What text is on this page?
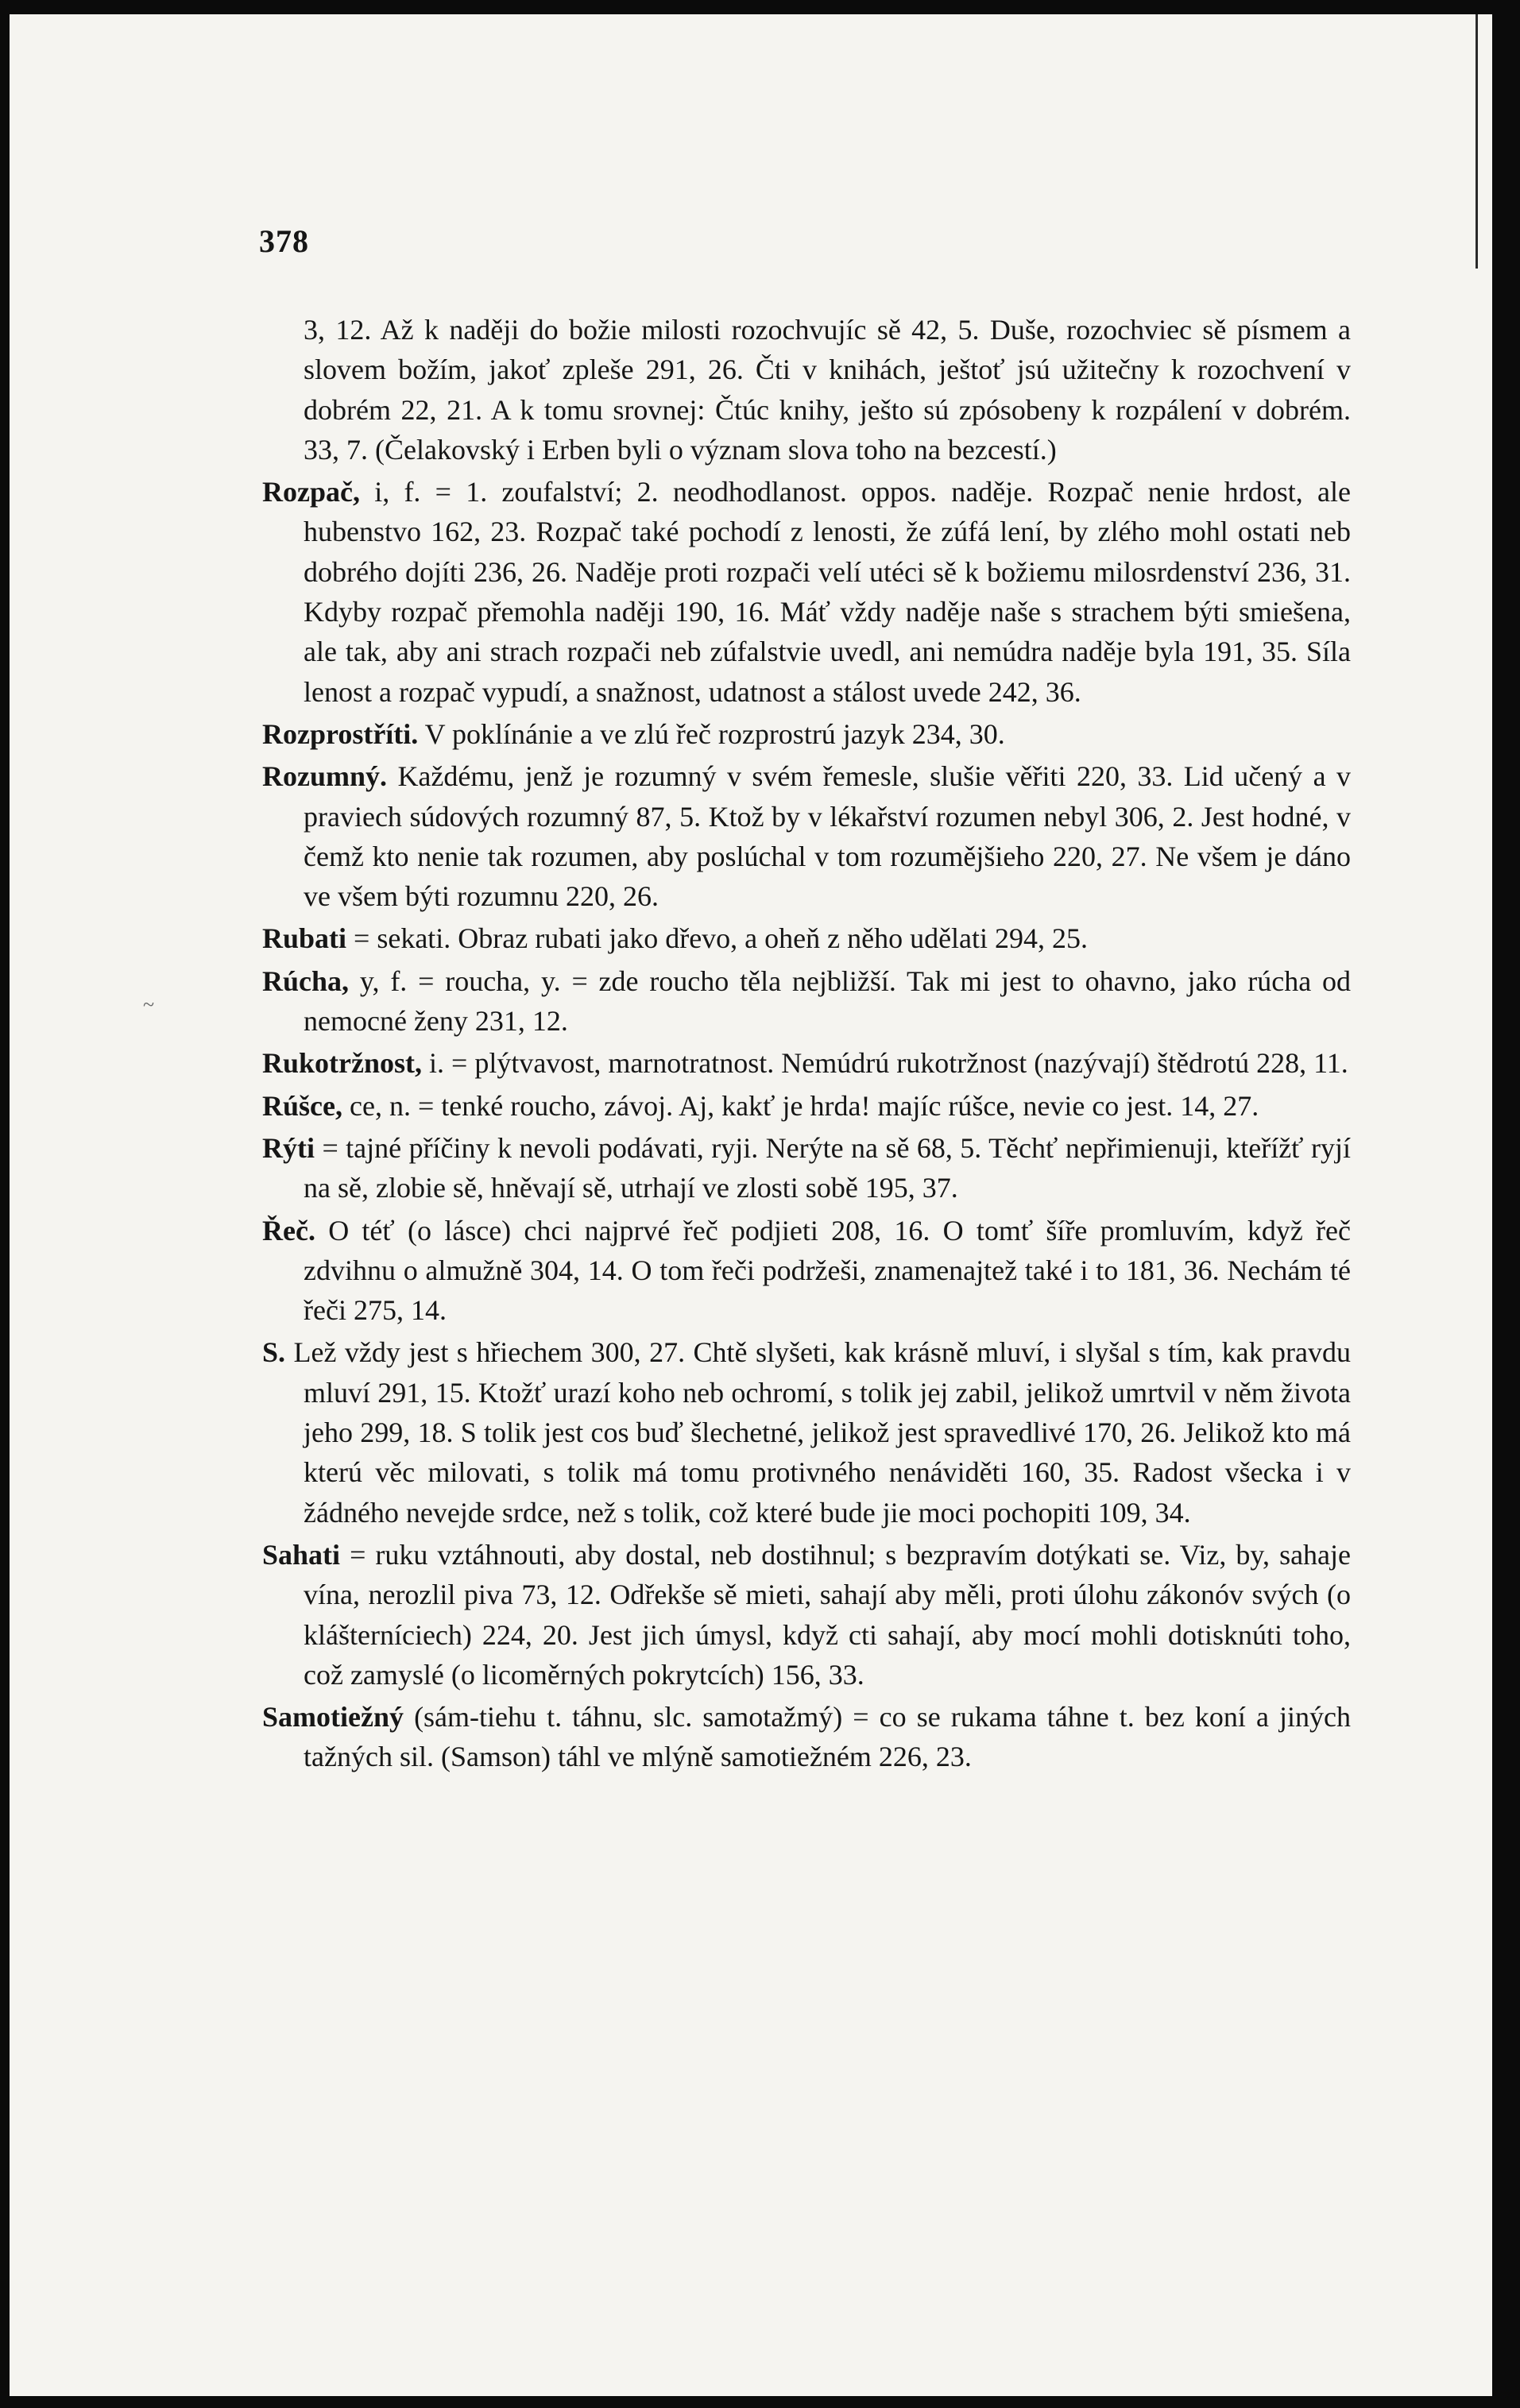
378
~

3, 12. Až k naději do božie milosti rozochvujíc sě 42, 5. Duše, rozochviec sě písmem a slovem božím, jakoť zpleše 291, 26. Čti v knihách, ještoť jsú užitečny k rozochvení v dobrém 22, 21. A k tomu srovnej: Čtúc knihy, ješto sú zpósobeny k rozpálení v dobrém. 33, 7. (Čelakovský i Erben byli o význam slova toho na bezcestí.)

Rozpač, i, f. = 1. zoufalství; 2. neodhodlanost. oppos. naděje. Rozpač nenie hrdost, ale hubenstvo 162, 23. Rozpač také pochodí z lenosti, že zúfá lení, by zlého mohl ostati neb dobrého dojíti 236, 26. Naděje proti rozpači velí utéci sě k božiemu milosrdenství 236, 31. Kdyby rozpač přemohla naději 190, 16. Máť vždy naděje naše s strachem býti smiešena, ale tak, aby ani strach rozpači neb zúfalstvie uvedl, ani nemúdra naděje byla 191, 35. Síla lenost a rozpač vypudí, a snažnost, udatnost a stálost uvede 242, 36.

Rozprostříti. V poklínánie a ve zlú řeč rozprostrú jazyk 234, 30.

Rozumný. Každému, jenž je rozumný v svém řemesle, slušie věřiti 220, 33. Lid učený a v praviech súdových rozumný 87, 5. Ktož by v lékařství rozumen nebyl 306, 2. Jest hodné, v čemž kto nenie tak rozumen, aby poslúchal v tom rozumějšieho 220, 27. Ne všem je dáno ve všem býti rozumnu 220, 26.

Rubati = sekati. Obraz rubati jako dřevo, a oheň z něho udělati 294, 25.

Rúcha, y, f. = roucha, y. = zde roucho těla nejbližší. Tak mi jest to ohavno, jako rúcha od nemocné ženy 231, 12.

Rukotržnost, i. = plýtvavost, marnotratnost. Nemúdrú rukotržnost (nazývají) štědrotú 228, 11.

Rúšce, ce, n. = tenké roucho, závoj. Aj, kakť je hrda! majíc rúšce, nevie co jest. 14, 27.

Rýti = tajné příčiny k nevoli podávati, ryji. Nerýte na sě 68, 5. Těchť nepřimienuji, kteřížť ryjí na sě, zlobie sě, hněvají sě, utrhají ve zlosti sobě 195, 37.

Řeč. O téť (o lásce) chci najprvé řeč podjieti 208, 16. O tomť šíře promluvím, když řeč zdvihnu o almužně 304, 14. O tom řeči podržeši, znamenajtež také i to 181, 36. Nechám té řeči 275, 14.

S. Lež vždy jest s hřiechem 300, 27. Chtě slyšeti, kak krásně mluví, i slyšal s tím, kak pravdu mluví 291, 15. Ktožť urazí koho neb ochromí, s tolik jej zabil, jelikož umrtvil v něm života jeho 299, 18. S tolik jest cos buď šlechetné, jelikož jest spravedlivé 170, 26. Jelikož kto má kterú věc milovati, s tolik má tomu protivného nenáviděti 160, 35. Radost všecka i v žádného nevejde srdce, než s tolik, což které bude jie moci pochopiti 109, 34.

Sahati = ruku vztáhnouti, aby dostal, neb dostihnul; s bezpravím dotýkati se. Viz, by, sahaje vína, nerozlil piva 73, 12. Odřekše sě mieti, sahají aby měli, proti úlohu zákonóv svých (o klášterníciech) 224, 20. Jest jich úmysl, když cti sahají, aby mocí mohli dotisknúti toho, což zamyslé (o licoměrných pokrytcích) 156, 33.

Samotiežný (sám-tiehu t. táhnu, slc. samotažmý) = co se rukama táhne t. bez koní a jiných tažných sil. (Samson) táhl ve mlýně samotiežném 226, 23.
